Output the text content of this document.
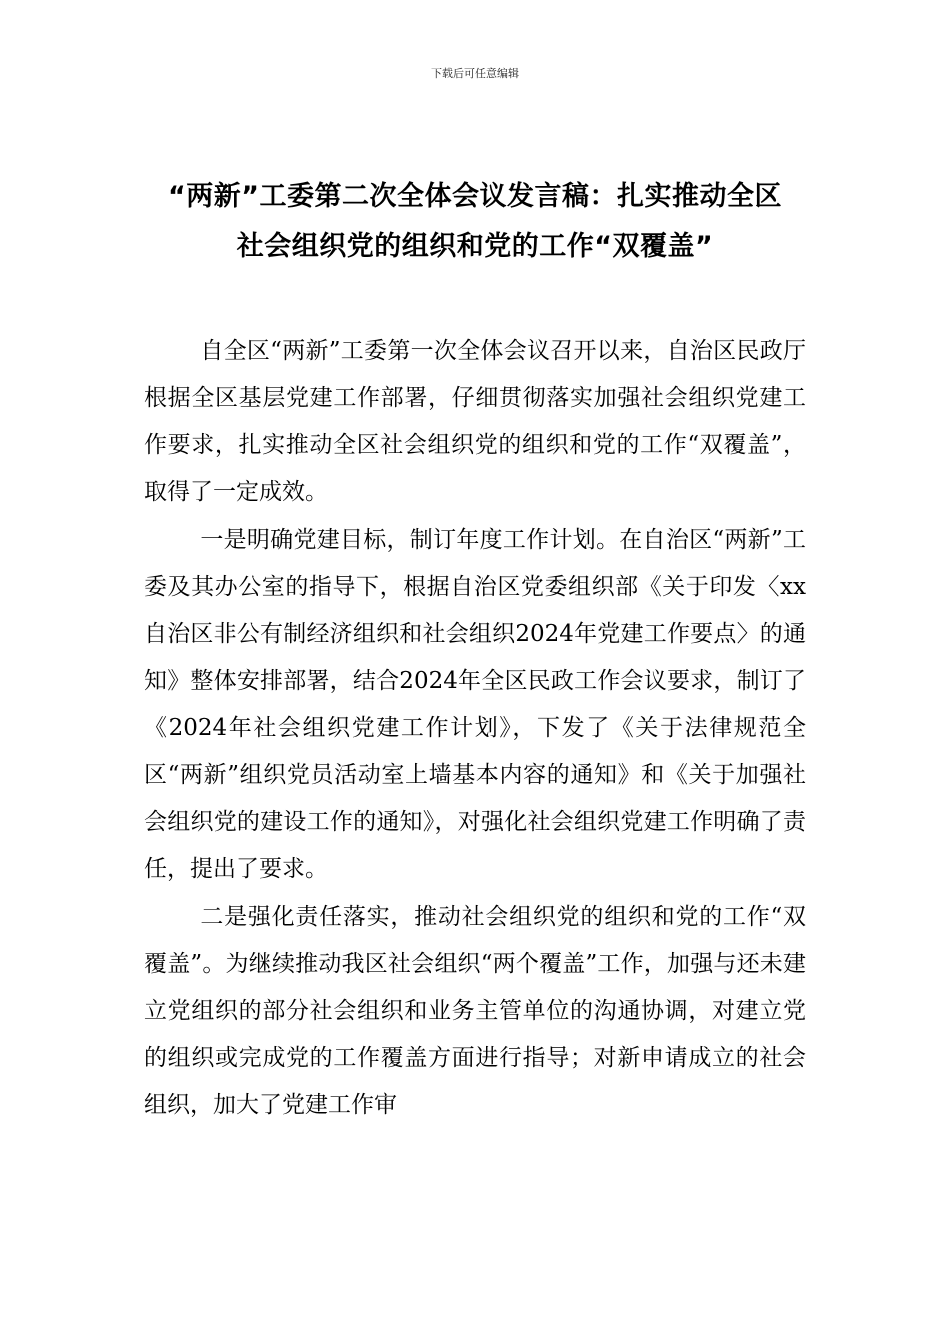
下载后可任意编辑
“两新”工委第二次全体会议发言稿：扎实推动全区
社会组织党的组织和党的工作“双覆盖”

自全区“两新”工委第一次全体会议召开以来，自治区民政厅根据全区基层党建工作部署，仔细贯彻落实加强社会组织党建工作要求，扎实推动全区社会组织党的组织和党的工作“双覆盖”，取得了一定成效。

一是明确党建目标，制订年度工作计划。在自治区“两新”工委及其办公室的指导下，根据自治区党委组织部《关于印发〈xx自治区非公有制经济组织和社会组织2024年党建工作要点〉的通知》整体安排部署，结合2024年全区民政工作会议要求，制订了《2024年社会组织党建工作计划》，下发了《关于法律规范全区“两新”组织党员活动室上墙基本内容的通知》和《关于加强社会组织党的建设工作的通知》，对强化社会组织党建工作明确了责任，提出了要求。

二是强化责任落实，推动社会组织党的组织和党的工作“双覆盖”。为继续推动我区社会组织“两个覆盖”工作，加强与还未建立党组织的部分社会组织和业务主管单位的沟通协调，对建立党的组织或完成党的工作覆盖方面进行指导；对新申请成立的社会组织，加大了党建工作审
